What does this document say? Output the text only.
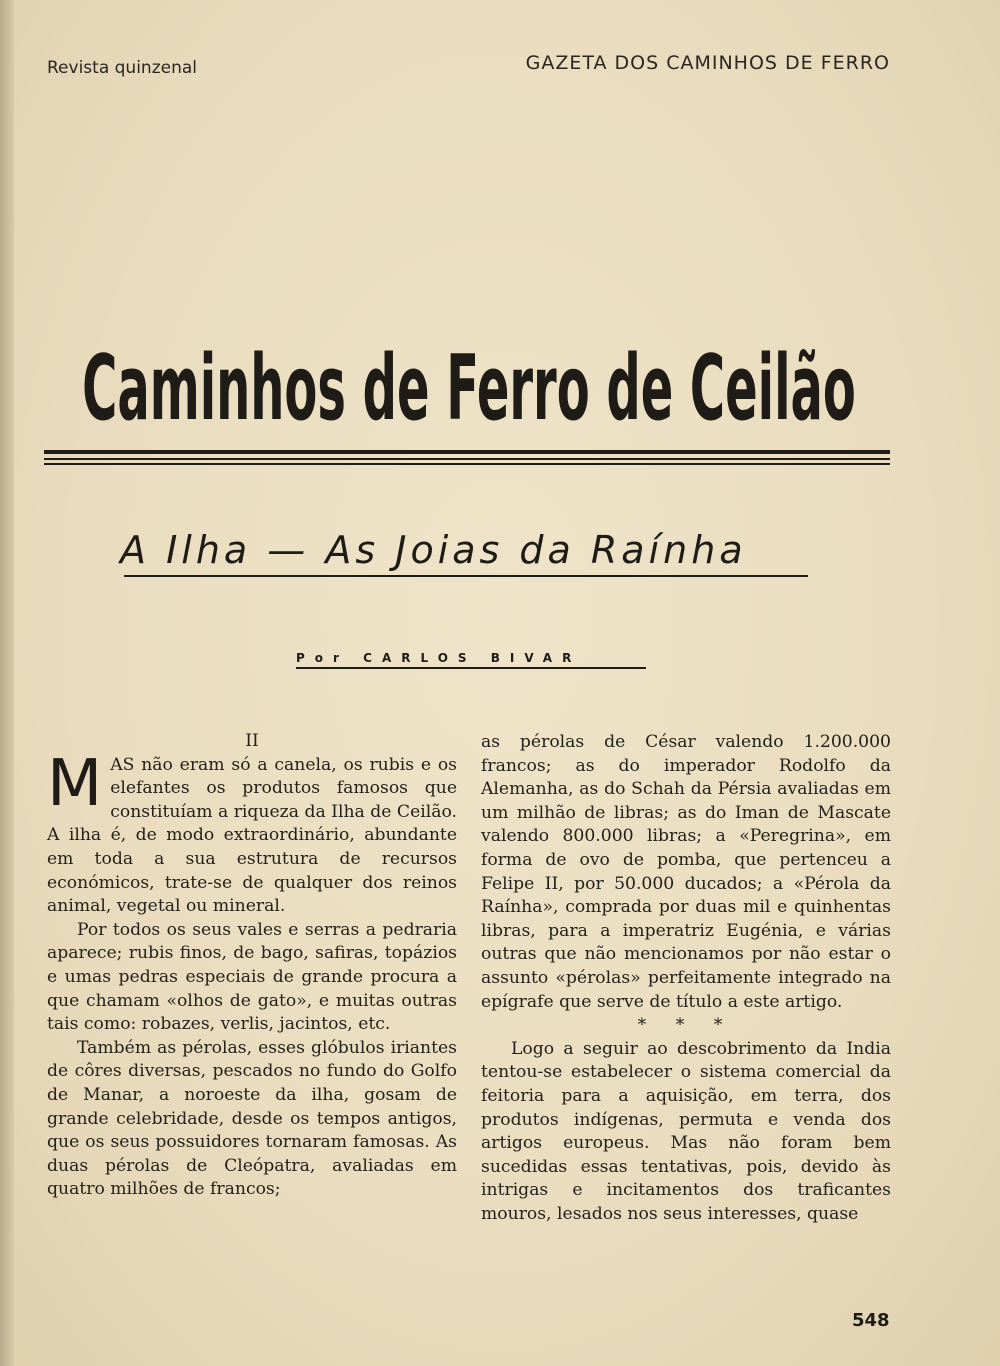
Revista quinzenal	GAZETA DOS CAMINHOS DE FERRO
Caminhos de Ferro de Ceilão
A Ilha — As Joias da Raínha
Por CARLOS BIVAR

II

MAS não eram só a canela, os rubis e os elefantes os produtos famosos que constituíam a riqueza da Ilha de Ceilão. A ilha é, de modo extraordinário, abundante em toda a sua estrutura de recursos económicos, trate-se de qualquer dos reinos animal, vegetal ou mineral.

Por todos os seus vales e serras a pedraria aparece; rubis finos, de bago, safiras, topázios e umas pedras especiais de grande procura a que chamam «olhos de gato», e muitas outras tais como: robazes, verlis, jacintos, etc.

Também as pérolas, esses glóbulos iriantes de côres diversas, pescados no fundo do Golfo de Manar, a noroeste da ilha, gosam de grande celebridade, desde os tempos antigos, que os seus possuidores tornaram famosas. As duas pérolas de Cleópatra, avaliadas em quatro milhões de francos;

as pérolas de César valendo 1.200.000 francos; as do imperador Rodolfo da Alemanha, as do Schah da Pérsia avaliadas em um milhão de libras; as do Iman de Mascate valendo 800.000 libras; a «Peregrina», em forma de ovo de pomba, que pertenceu a Felipe II, por 50.000 ducados; a «Pérola da Raínha», comprada por duas mil e quinhentas libras, para a imperatriz Eugénia, e várias outras que não mencionamos por não estar o assunto «pérolas» perfeitamente integrado na epígrafe que serve de título a este artigo.

* * *

Logo a seguir ao descobrimento da India tentou-se estabelecer o sistema comercial da feitoria para a aquisição, em terra, dos produtos indígenas, permuta e venda dos artigos europeus. Mas não foram bem sucedidas essas tentativas, pois, devido às intrigas e incitamentos dos traficantes mouros, lesados nos seus interesses, quase

548
